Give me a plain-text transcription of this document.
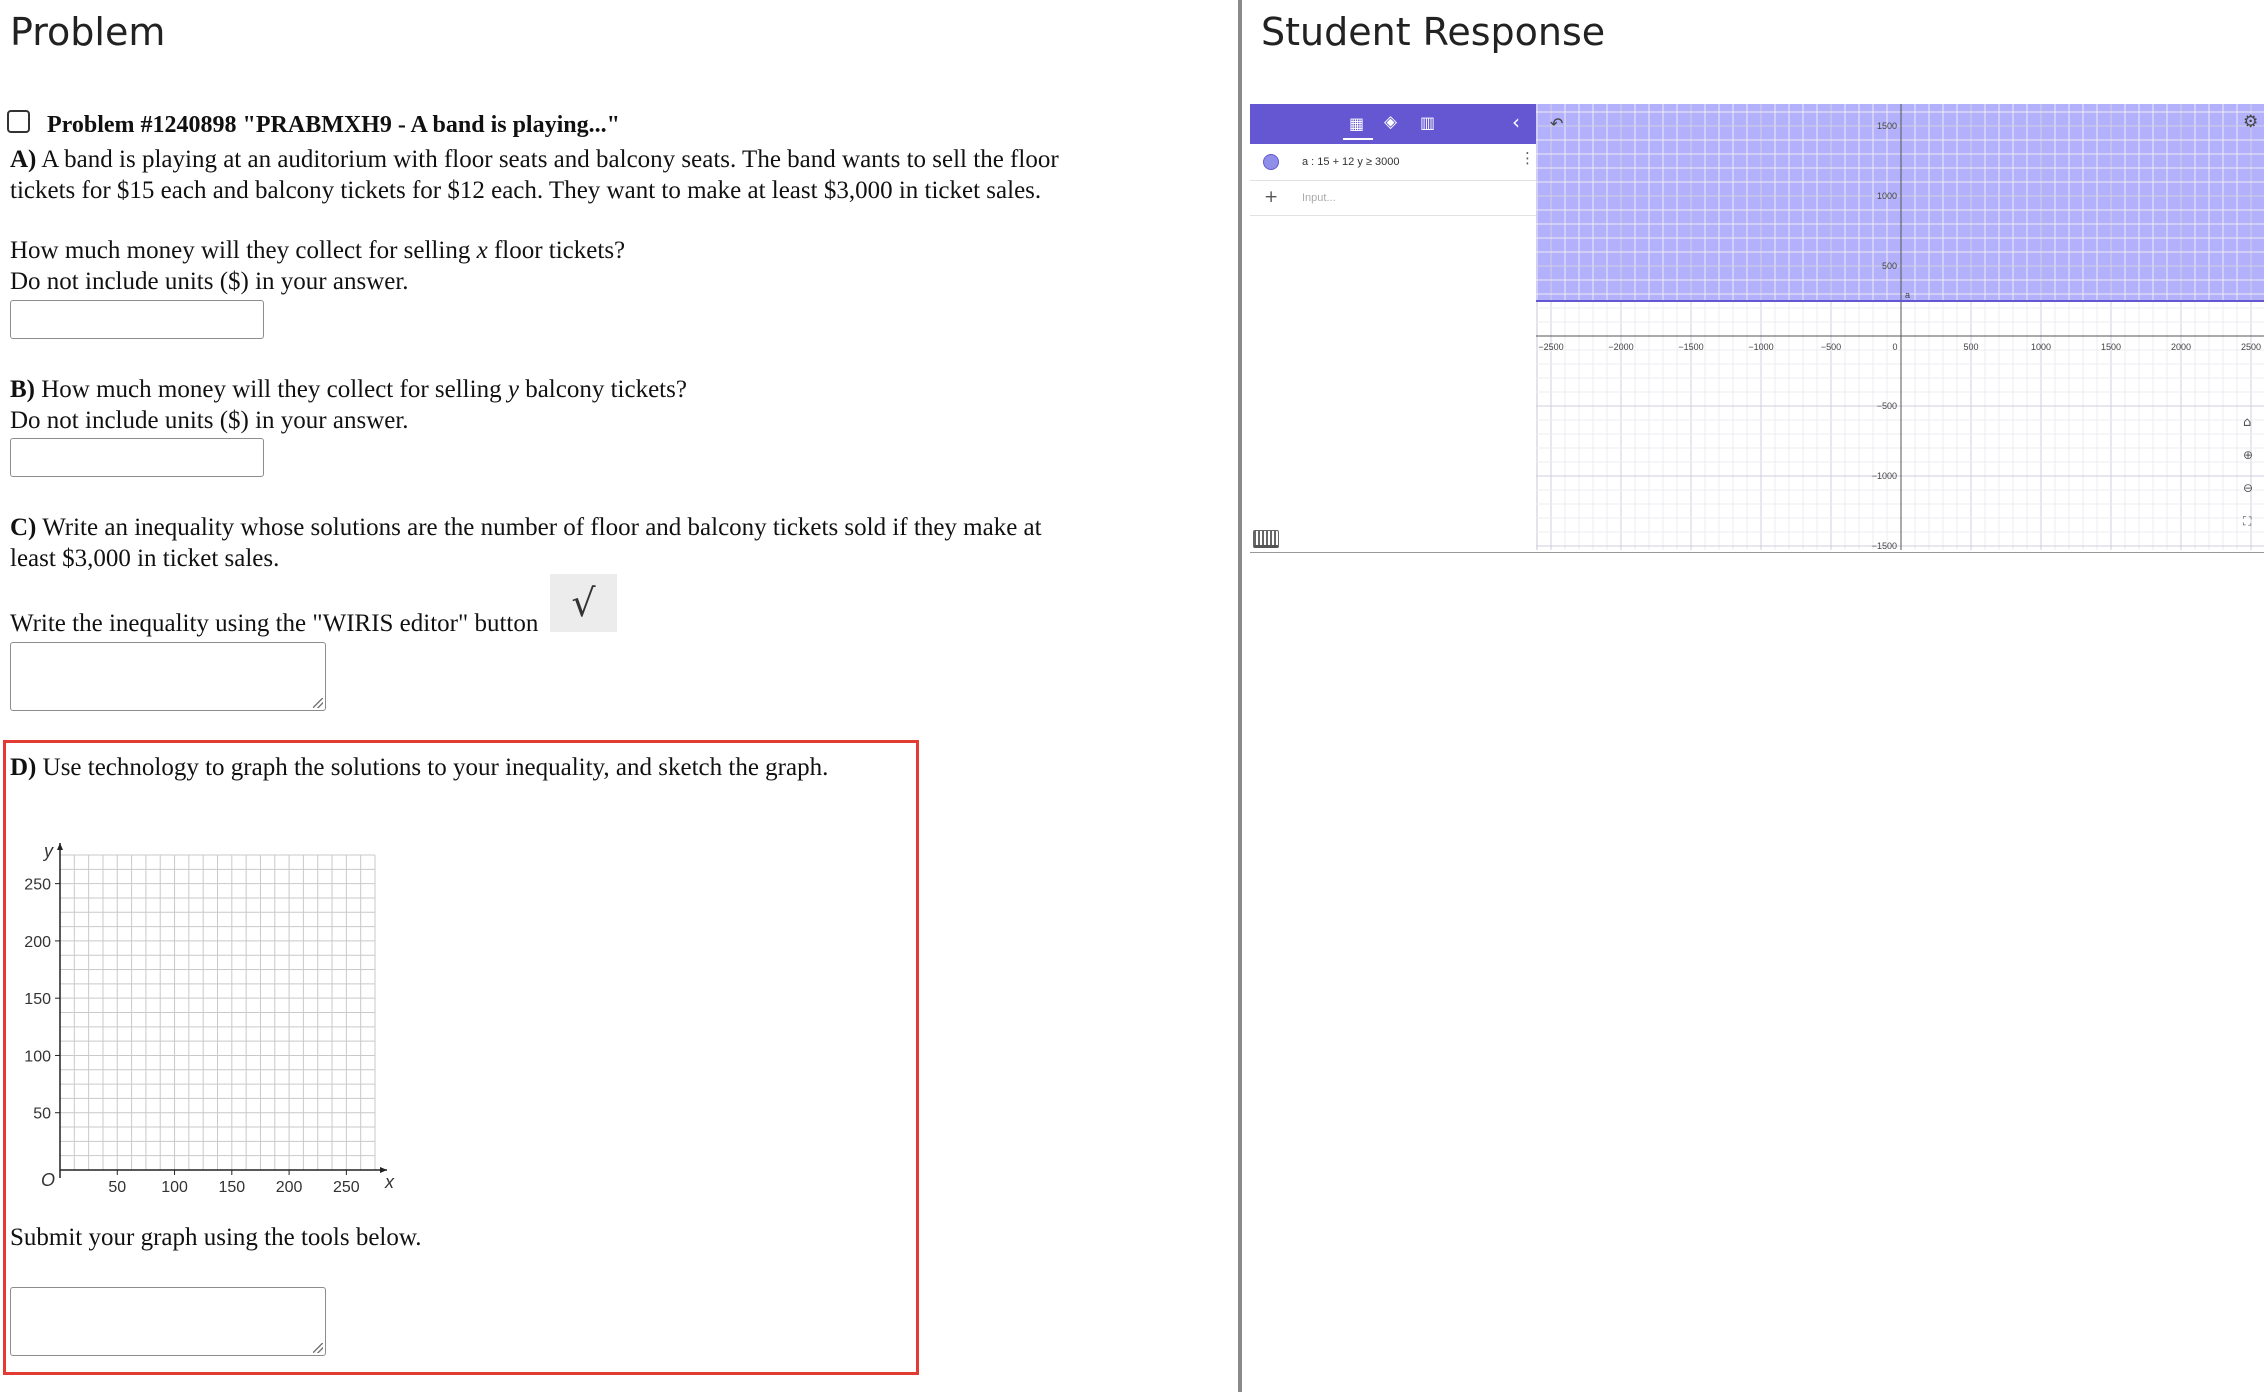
Problem	Student Response
Problem #1240898 "PRABMXH9 - A band is playing..."
A) A band is playing at an auditorium with floor seats and balcony seats. The band wants to sell the floor
tickets for $15 each and balcony tickets for $12 each. They want to make at least $3,000 in ticket sales.
How much money will they collect for selling x floor tickets?
Do not include units ($) in your answer.
B) How much money will they collect for selling y balcony tickets?
Do not include units ($) in your answer.
C) Write an inequality whose solutions are the number of floor and balcony tickets sold if they make at
least $3,000 in ticket sales.
Write the inequality using the "WIRIS editor" button √
D) Use technology to graph the solutions to your inequality, and sketch the graph.
50 100 150 200 250
50
100
150
200
250
x
y
O
Submit your graph using the tools below.
▦ ◈ ▥	‹
a : 15 + 12 y ≥ 3000	⋮
+ Input...
a
−2500	−2000	−1500	−1000	−500	0	500	1000	1500	2000	2500
1500
1000
500
−500
−1000
−1500
↶	⚙
⌂
⊕
⊖
⛶
